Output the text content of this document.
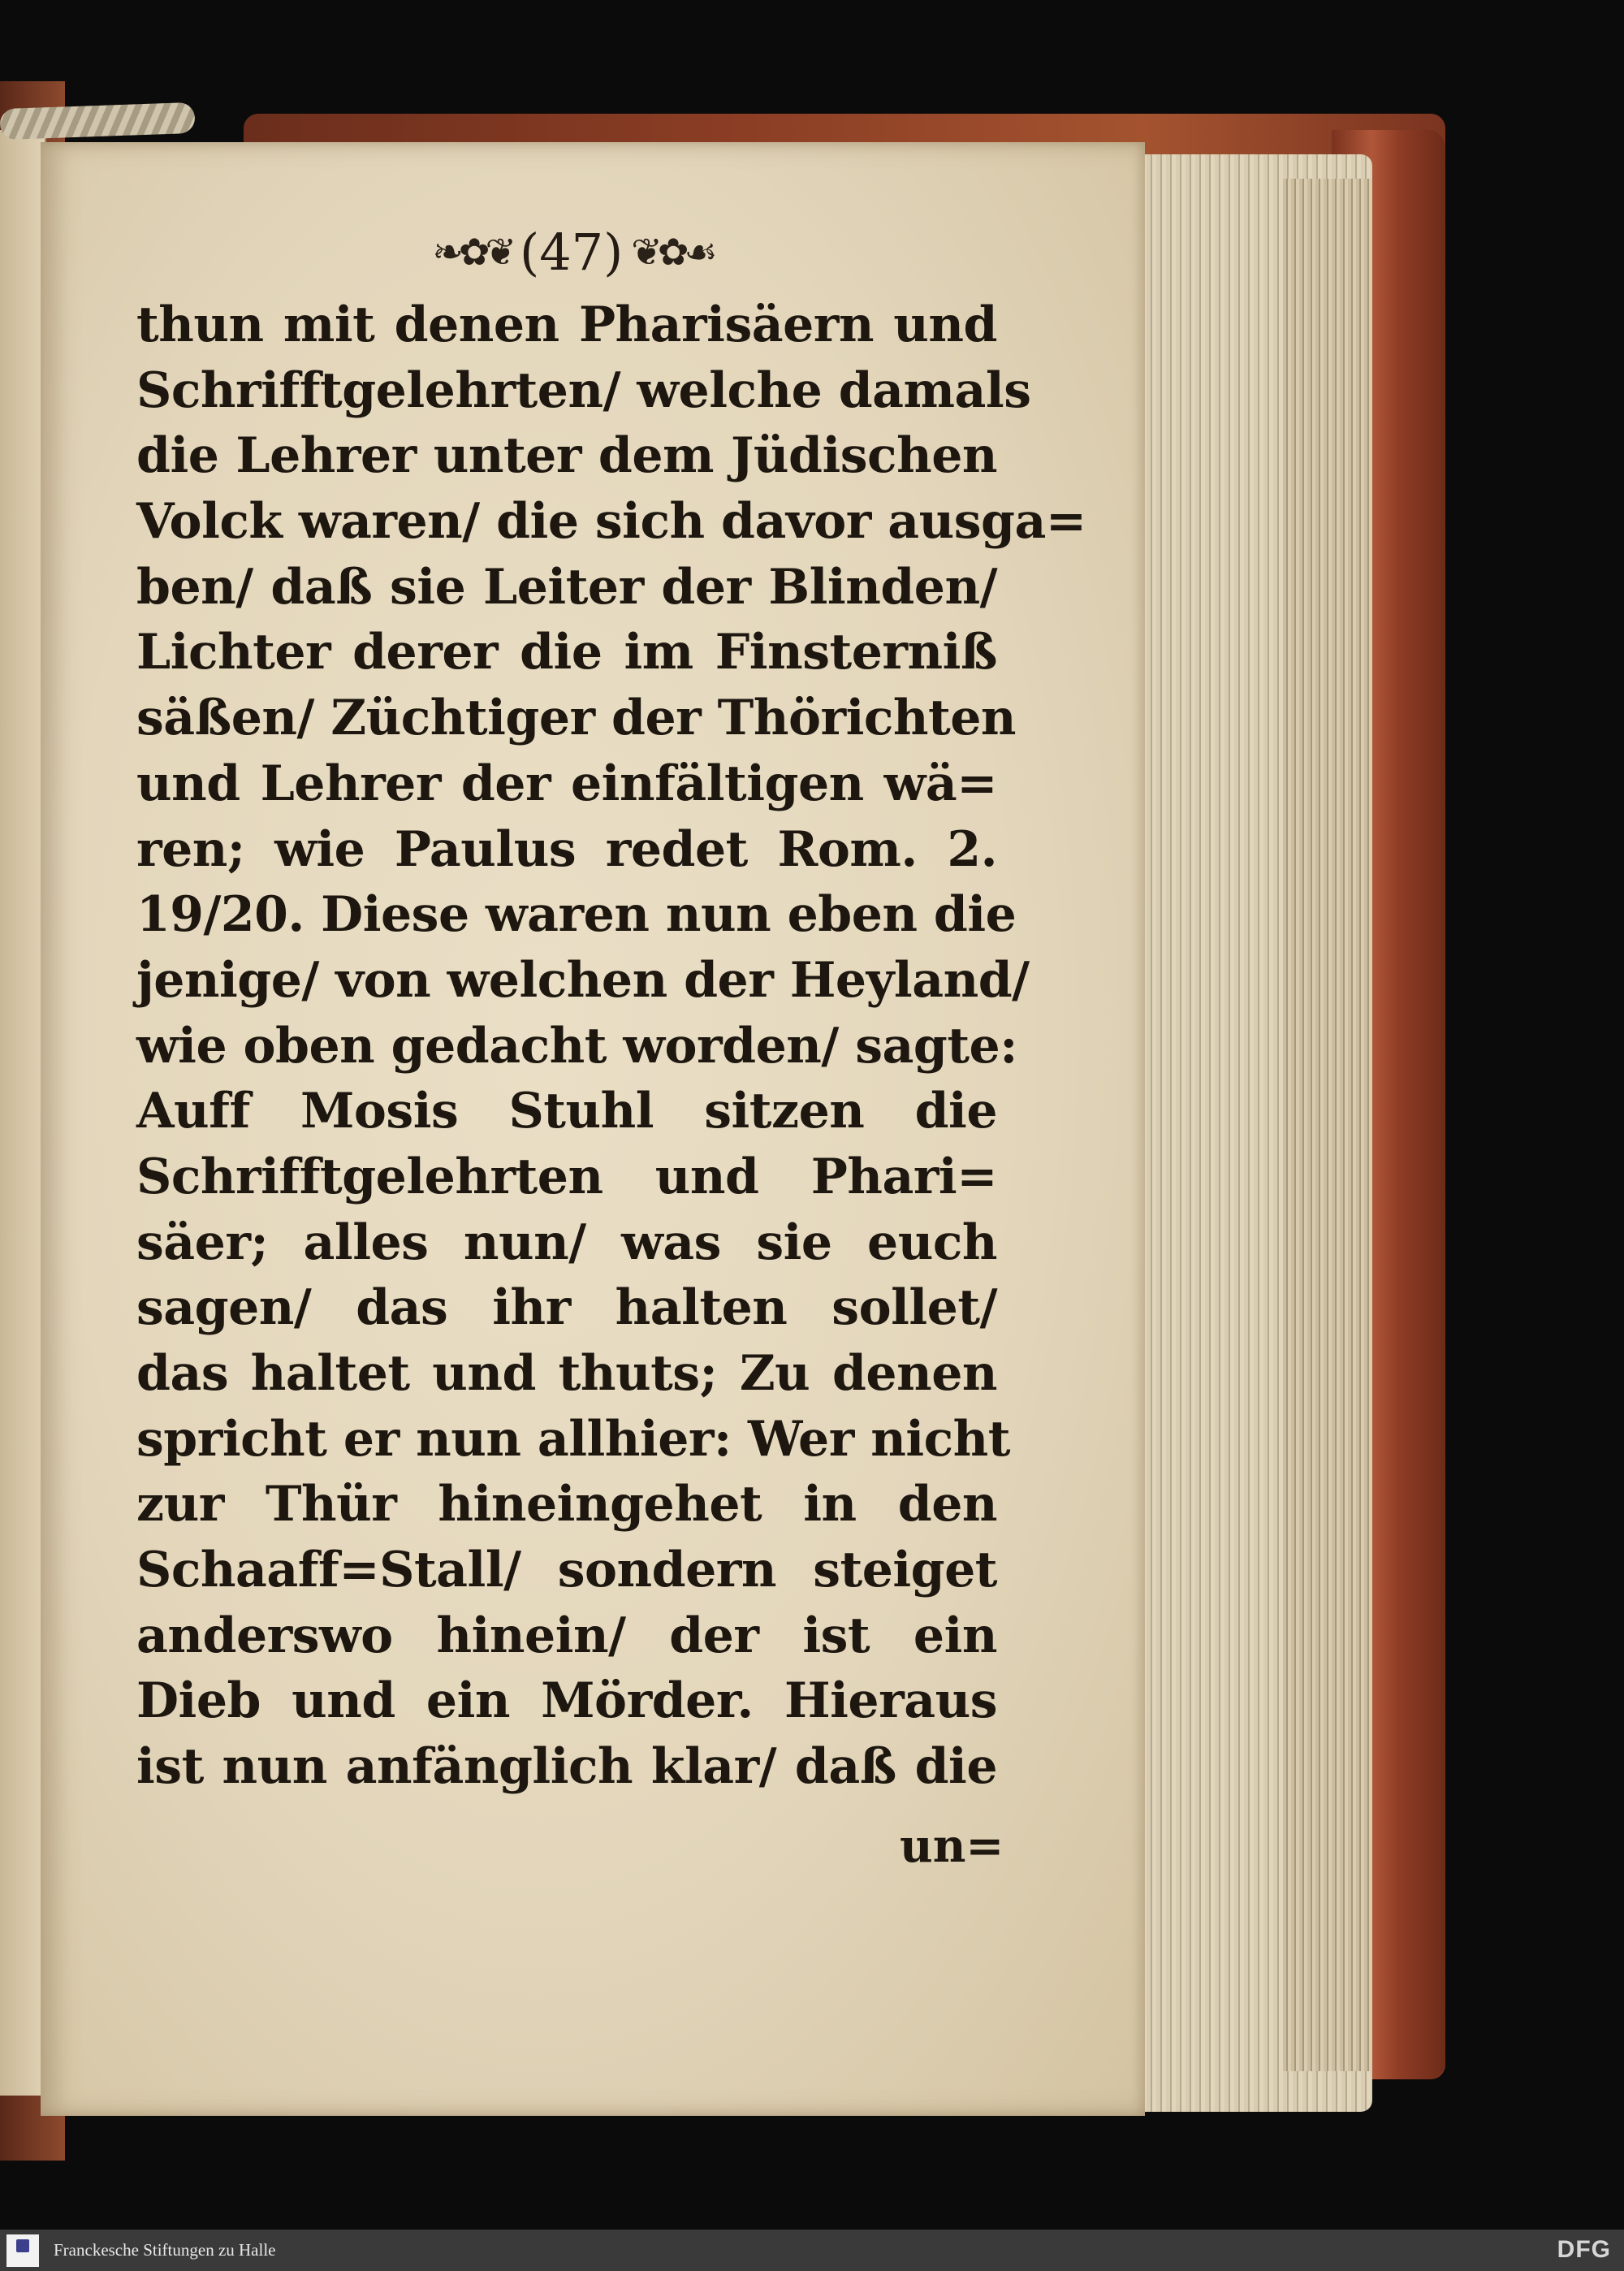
❧✿❦ (47) ❦✿☙
thun mit denen Pharisäern und
Schrifftgelehrten/ welche damals
die Lehrer unter dem Jüdischen
Volck waren/ die sich davor ausga=
ben/ daß sie Leiter der Blinden/
Lichter derer die im Finsterniß
säßen/ Züchtiger der Thörichten
und Lehrer der einfältigen wä=
ren; wie Paulus redet Rom. 2.
19/20. Diese waren nun eben die
jenige/ von welchen der Heyland/
wie oben gedacht worden/ sagte:
Auff Mosis Stuhl sitzen die
Schrifftgelehrten und Phari=
säer; alles nun/ was sie euch
sagen/ das ihr halten sollet/
das haltet und thuts; Zu denen
spricht er nun allhier: Wer nicht
zur Thür hineingehet in den
Schaaff=Stall/ sondern steiget
anderswo hinein/ der ist ein
Dieb und ein Mörder. Hieraus
ist nun anfänglich klar/ daß die
un=
Franckesche Stiftungen zu Halle	DFG
